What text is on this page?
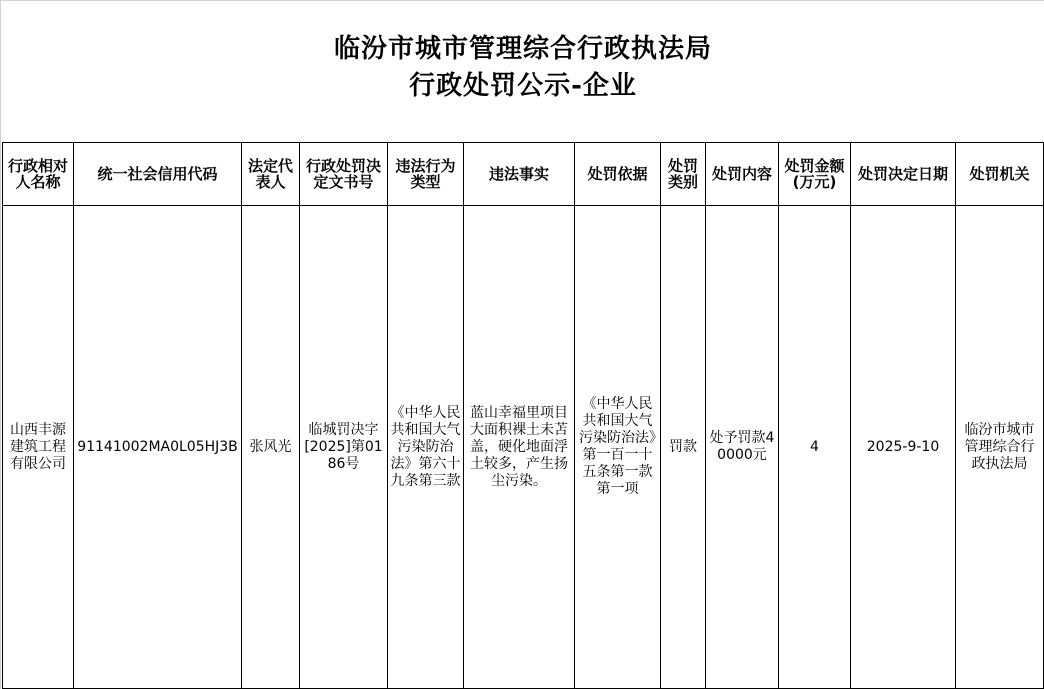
临汾市城市管理综合行政执法局
行政处罚公示-企业
行政相对人名称	统一社会信用代码	法定代表人	行政处罚决定文书号	违法行为类型	违法事实	处罚依据	处罚类别	处罚内容	处罚金额(万元)	处罚决定日期	处罚机关
山西丰源建筑工程有限公司	91141002MA0L05HJ3B	张风光	临城罚决字[2025]第0186号	《中华人民共和国大气污染防治法》第六十九条第三款	蓝山幸福里项目大面积裸土未苫盖，硬化地面浮土较多，产生扬尘污染。	《中华人民共和国大气污染防治法》第一百一十五条第一款第一项	罚款	处予罚款40000元	4	2025-9-10	临汾市城市管理综合行政执法局
